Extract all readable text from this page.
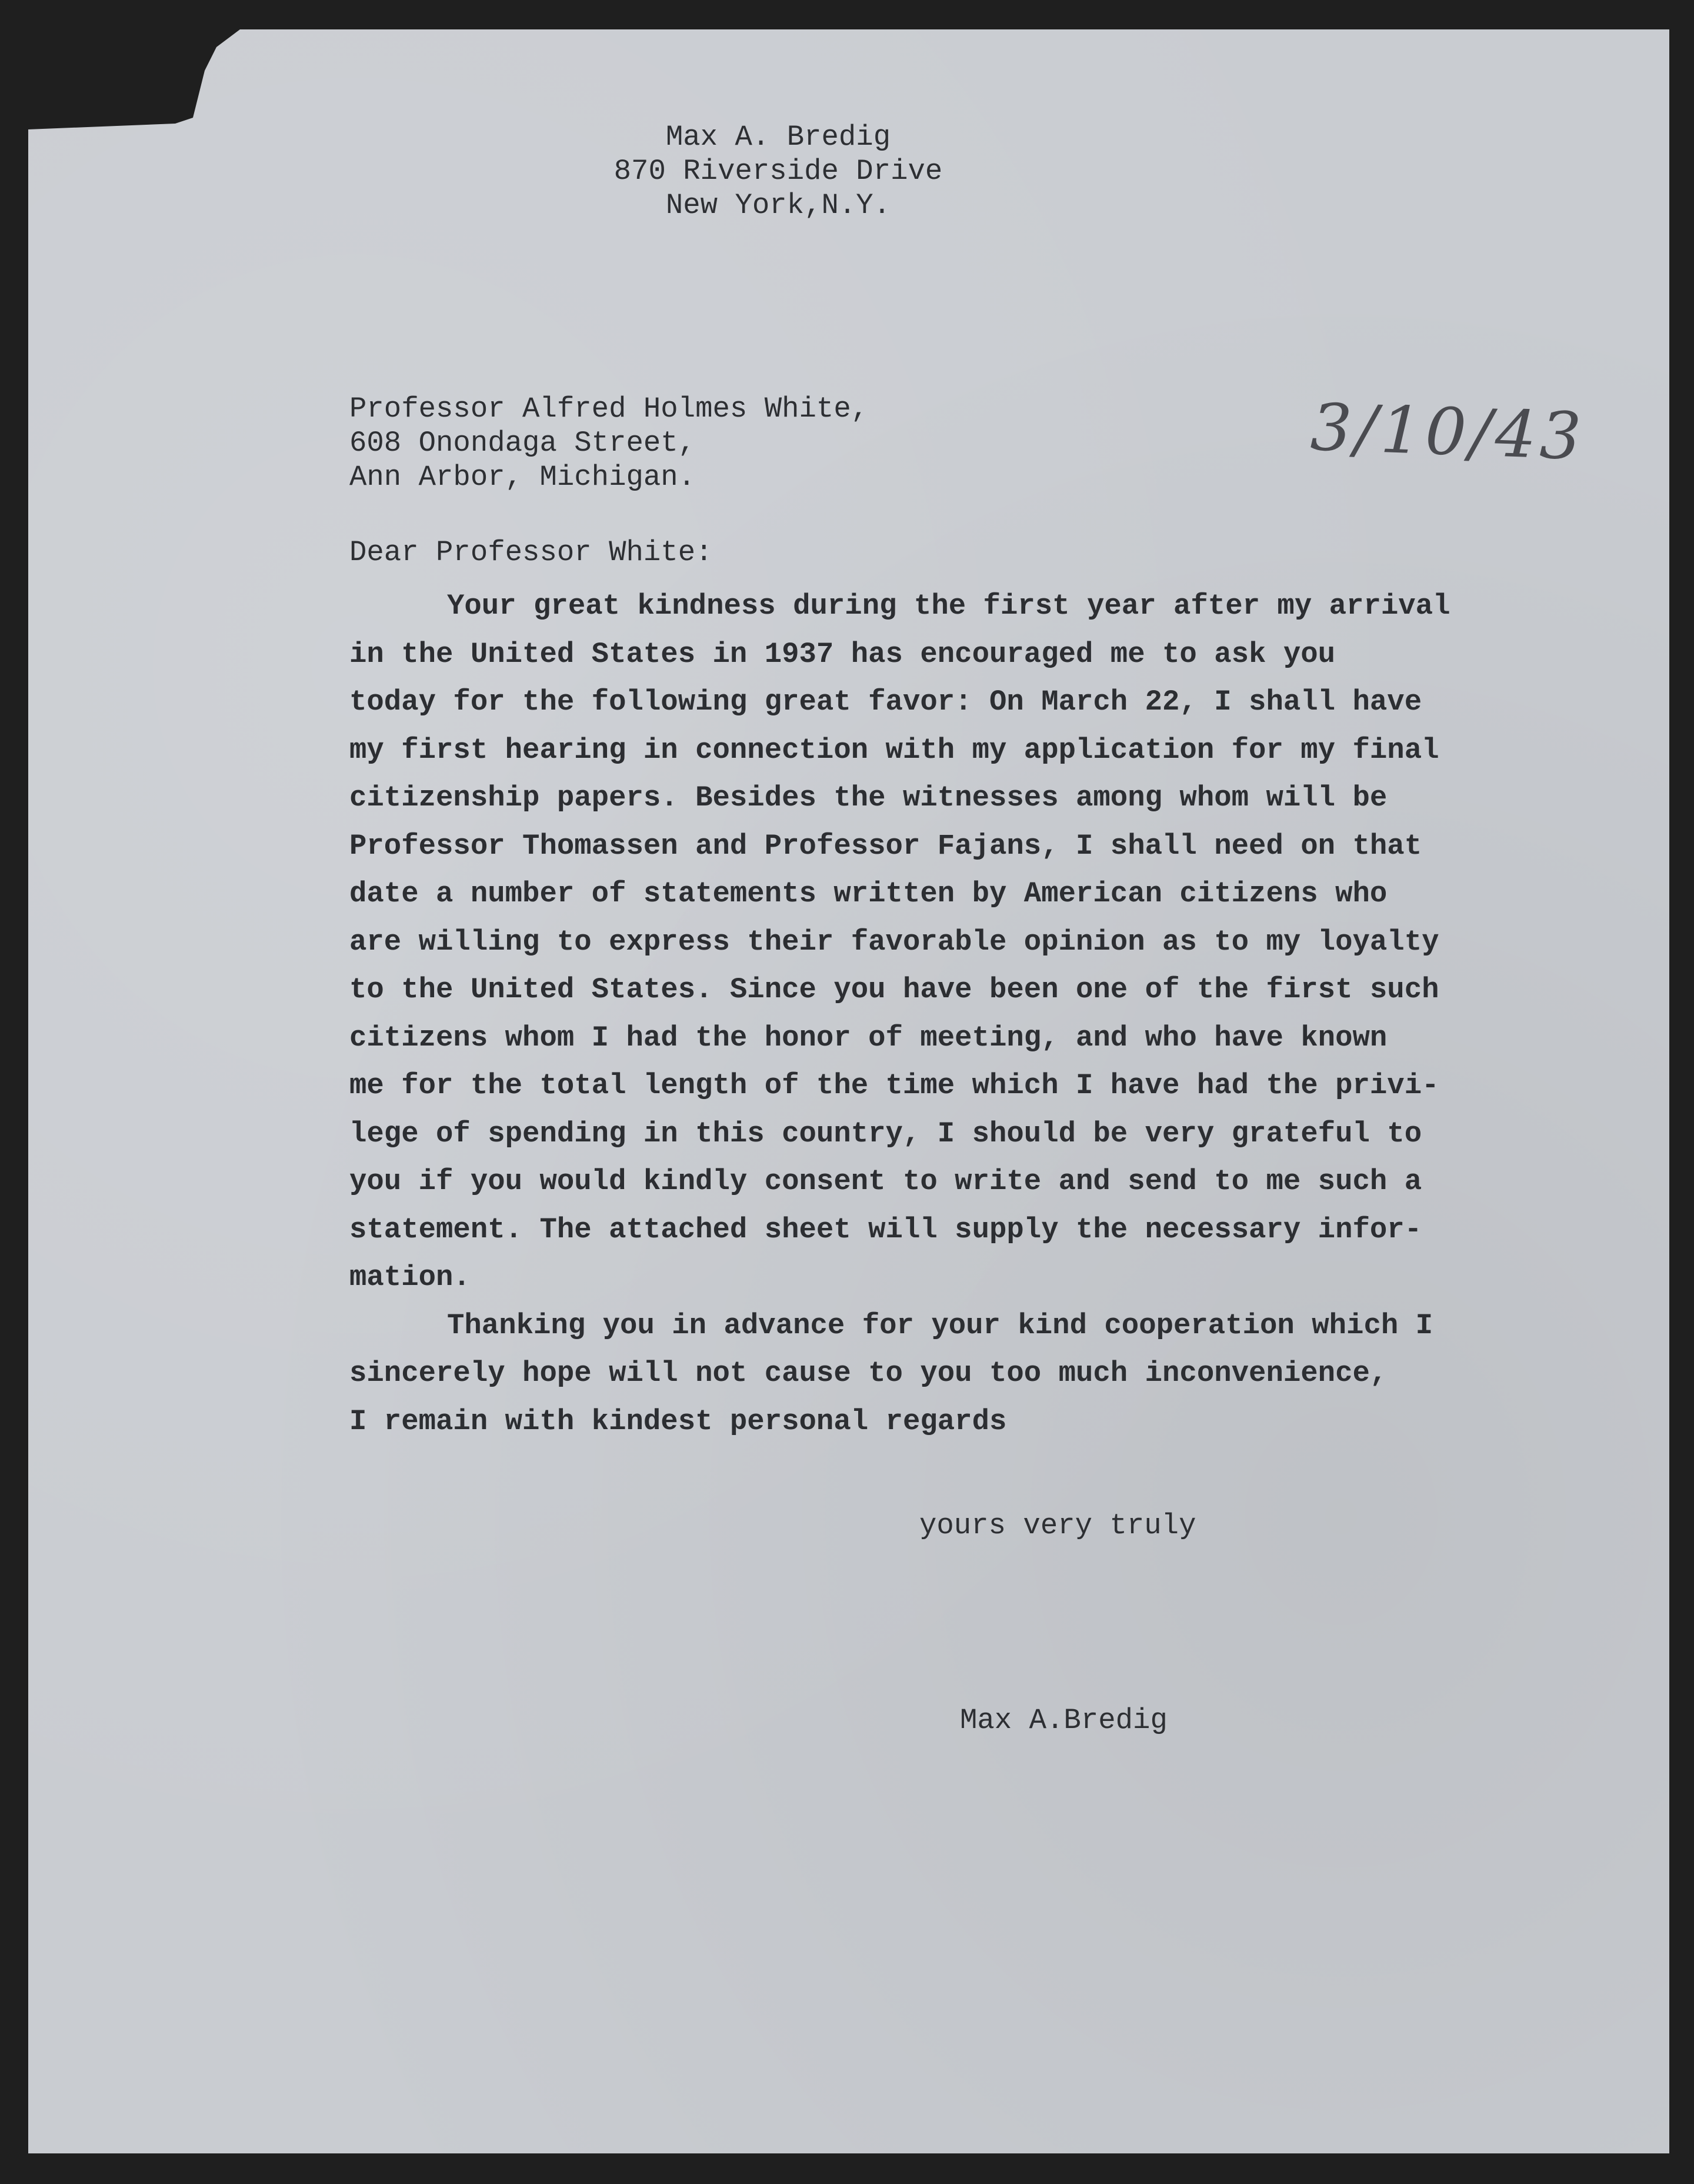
Max A. Bredig
870 Riverside Drive
New York,N.Y.
Professor Alfred Holmes White,
608 Onondaga Street,
Ann Arbor, Michigan.
3/10/43
Dear Professor White:
Your great kindness during the first year after my arrival
in the United States in 1937 has encouraged me to ask you
today for the following great favor: On March 22, I shall have
my first hearing in connection with my application for my final
citizenship papers. Besides the witnesses among whom will be
Professor Thomassen and Professor Fajans, I shall need on that
date a number of statements written by American citizens who
are willing to express their favorable opinion as to my loyalty
to the United States. Since you have been one of the first such
citizens whom I had the honor of meeting, and who have known
me for the total length of the time which I have had the privi-
lege of spending in this country, I should be very grateful to
you if you would kindly consent to write and send to me such a
statement. The attached sheet will supply the necessary infor-
mation.
Thanking you in advance for your kind cooperation which I
sincerely hope will not cause to you too much inconvenience,
I remain with kindest personal regards
yours very truly
Max A.Bredig
